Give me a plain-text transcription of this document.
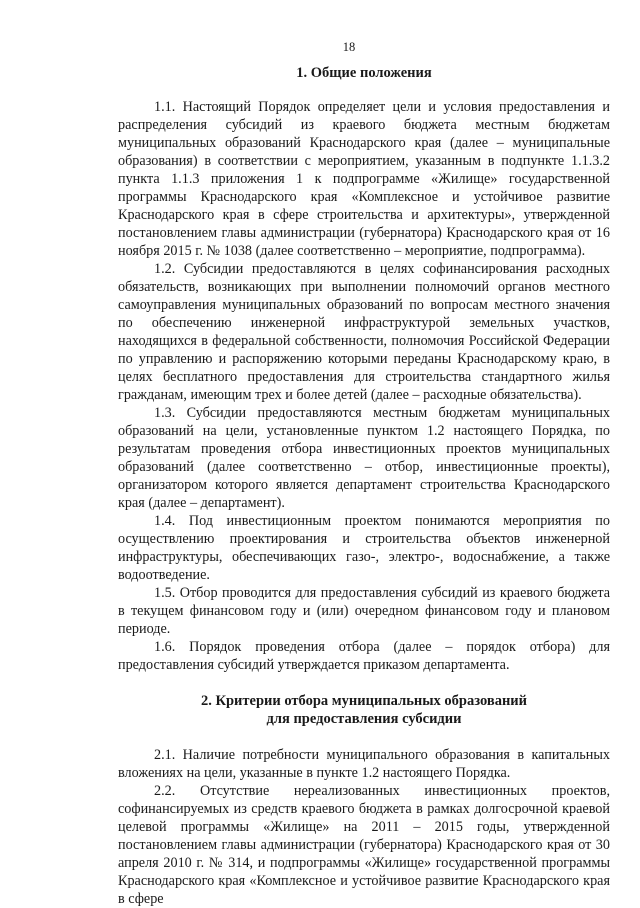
18
1. Общие положения

1.1. Настоящий Порядок определяет цели и условия предоставления и распределения субсидий из краевого бюджета местным бюджетам муниципальных образований Краснодарского края (далее – муниципальные образования) в соответствии с мероприятием, указанным в подпункте 1.1.3.2 пункта 1.1.3 приложения 1 к подпрограмме «Жилище» государственной программы Краснодарского края «Комплексное и устойчивое развитие Краснодарского края в сфере строительства и архитектуры», утвержденной постановлением главы администрации (губернатора) Краснодарского края от 16 ноября 2015 г. № 1038 (далее соответственно – мероприятие, подпрограмма).

1.2. Субсидии предоставляются в целях софинансирования расходных обязательств, возникающих при выполнении полномочий органов местного самоуправления муниципальных образований по вопросам местного значения по обеспечению инженерной инфраструктурой земельных участков, находящихся в федеральной собственности, полномочия Российской Федерации по управлению и распоряжению которыми переданы Краснодарскому краю, в целях бесплатного предоставления для строительства стандартного жилья гражданам, имеющим трех и более детей (далее – расходные обязательства).

1.3. Субсидии предоставляются местным бюджетам муниципальных образований на цели, установленные пунктом 1.2 настоящего Порядка, по результатам проведения отбора инвестиционных проектов муниципальных образований (далее соответственно – отбор, инвестиционные проекты), организатором которого является департамент строительства Краснодарского края (далее – департамент).

1.4. Под инвестиционным проектом понимаются мероприятия по осуществлению проектирования и строительства объектов инженерной инфраструктуры, обеспечивающих газо-, электро-, водоснабжение, а также водоотведение.

1.5. Отбор проводится для предоставления субсидий из краевого бюджета в текущем финансовом году и (или) очередном финансовом году и плановом периоде.

1.6. Порядок проведения отбора (далее – порядок отбора) для предоставления субсидий утверждается приказом департамента.

2. Критерии отбора муниципальных образований
для предоставления субсидии

2.1. Наличие потребности муниципального образования в капитальных вложениях на цели, указанные в пункте 1.2 настоящего Порядка.

2.2. Отсутствие нереализованных инвестиционных проектов, софинансируемых из средств краевого бюджета в рамках долгосрочной краевой целевой программы «Жилище» на 2011 – 2015 годы, утвержденной постановлением главы администрации (губернатора) Краснодарского края от 30 апреля 2010 г. № 314, и подпрограммы «Жилище» государственной программы Краснодарского края «Комплексное и устойчивое развитие Краснодарского края в сфере
